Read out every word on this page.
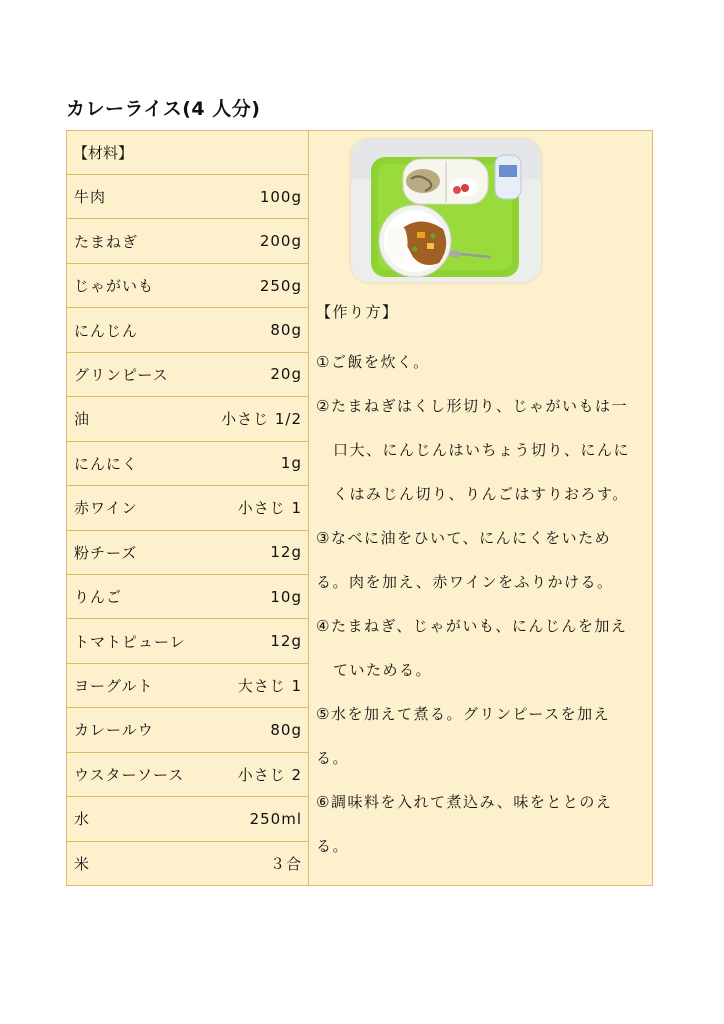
カレーライス(4 人分)
【材料】
牛肉	100g
たまねぎ	200g
じゃがいも	250g
にんじん	80g
グリンピース	20g
油	小さじ 1/2
にんにく	1g
赤ワイン	小さじ 1
粉チーズ	12g
りんご	10g
トマトピューレ	12g
ヨーグルト	大さじ 1
カレールウ	80g
ウスターソース	小さじ 2
水	250ml
米	３合
【作り方】
①ご飯を炊く。
②たまねぎはくし形切り、じゃがいもは一
口大、にんじんはいちょう切り、にんに
くはみじん切り、りんごはすりおろす。
③なべに油をひいて、にんにくをいため
る。肉を加え、赤ワインをふりかける。
④たまねぎ、じゃがいも、にんじんを加え
ていためる。
⑤水を加えて煮る。グリンピースを加え
る。
⑥調味料を入れて煮込み、味をととのえ
る。
